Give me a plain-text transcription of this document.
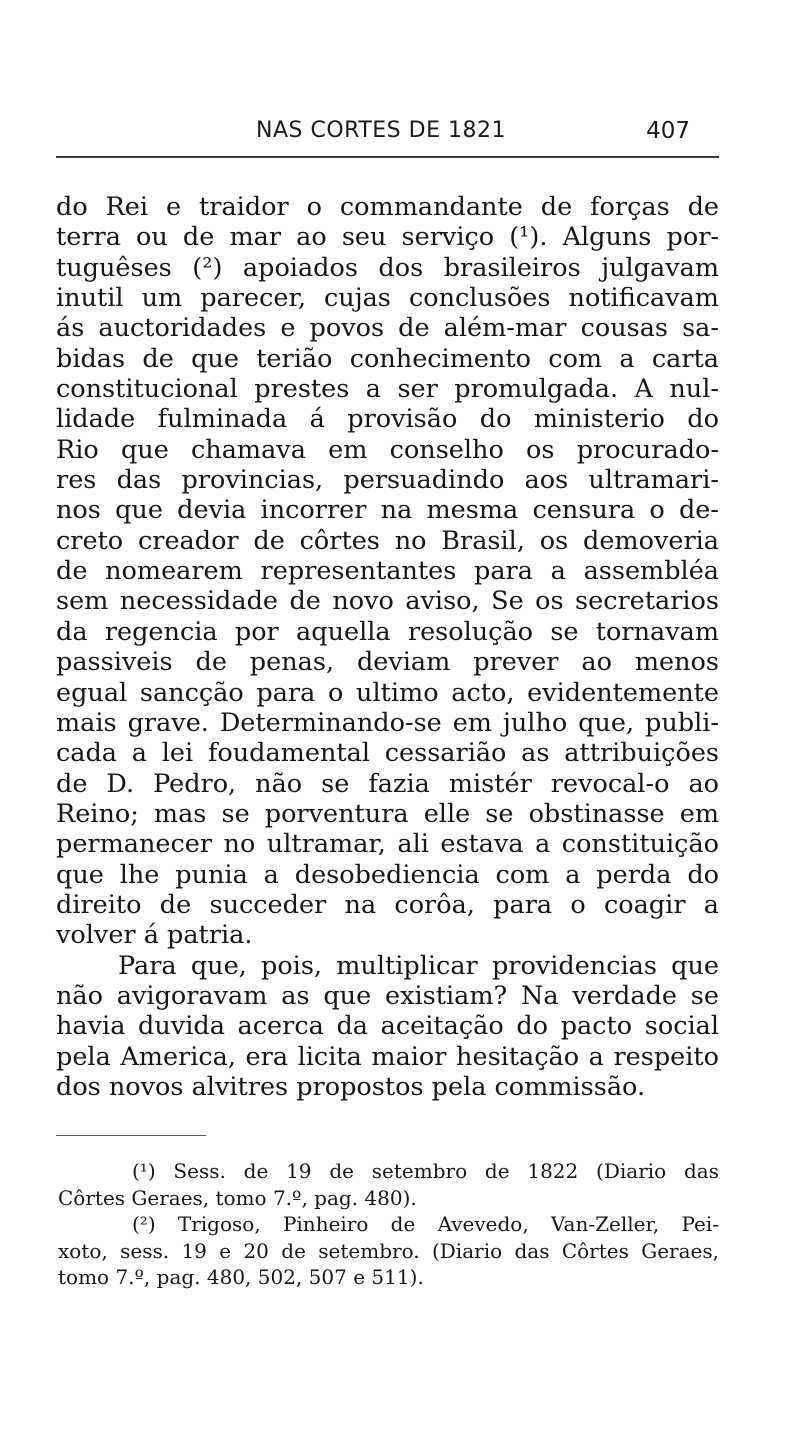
NAS CORTES DE 1821	407
do Rei e traidor o commandante de forças de
terra ou de mar ao seu serviço (¹). Alguns por-
tuguêses (²) apoiados dos brasileiros julgavam
inutil um parecer, cujas conclusões notificavam
ás auctoridades e povos de além-mar cousas sa-
bidas de que terião conhecimento com a carta
constitucional prestes a ser promulgada. A nul-
lidade fulminada á provisão do ministerio do
Rio que chamava em conselho os procurado-
res das provincias, persuadindo aos ultramari-
nos que devia incorrer na mesma censura o de-
creto creador de côrtes no Brasil, os demoveria
de nomearem representantes para a assembléa
sem necessidade de novo aviso, Se os secretarios
da regencia por aquella resolução se tornavam
passiveis de penas, deviam prever ao menos
egual sancção para o ultimo acto, evidentemente
mais grave. Determinando-se em julho que, publi-
cada a lei foudamental cessarião as attribuições
de D. Pedro, não se fazia mistér revocal-o ao
Reino; mas se porventura elle se obstinasse em
permanecer no ultramar, ali estava a constituição
que lhe punia a desobediencia com a perda do
direito de succeder na corôa, para o coagir a
volver á patria.
Para que, pois, multiplicar providencias que
não avigoravam as que existiam? Na verdade se
havia duvida acerca da aceitação do pacto social
pela America, era licita maior hesitação a respeito
dos novos alvitres propostos pela commissão.
(¹) Sess. de 19 de setembro de 1822 (Diario das
Côrtes Geraes, tomo 7.º, pag. 480).
(²) Trigoso, Pinheiro de Avevedo, Van-Zeller, Pei-
xoto, sess. 19 e 20 de setembro. (Diario das Côrtes Geraes,
tomo 7.º, pag. 480, 502, 507 e 511).
